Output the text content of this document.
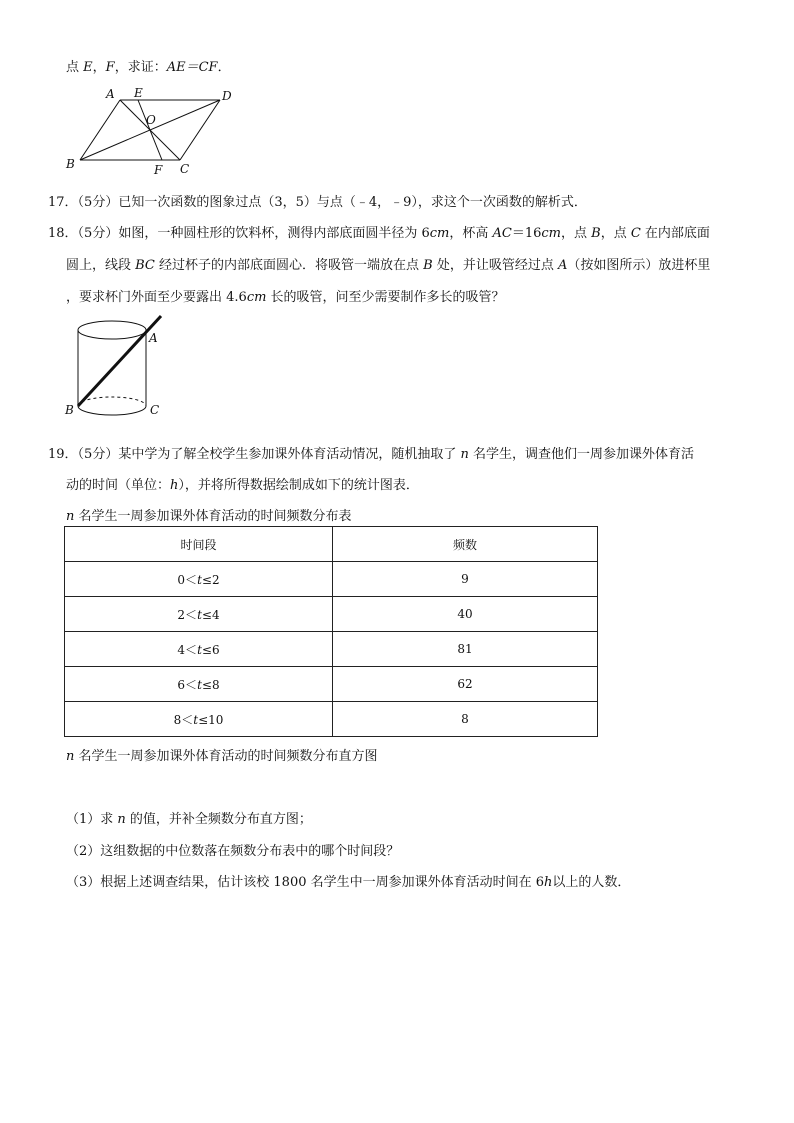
点 E，F，求证：AE＝CF．
A E	D
O
B	F C
17．（5分）已知一次函数的图象过点（3，5）与点（﹣4，﹣9），求这个一次函数的解析式．
18．（5分）如图，一种圆柱形的饮料杯，测得内部底面圆半径为 6cm，杯高 AC＝16cm，点 B，点 C 在内部底面
圆上，线段 BC 经过杯子的内部底面圆心．将吸管一端放在点 B 处，并让吸管经过点 A（按如图所示）放进杯里
，要求杯门外面至少要露出 4.6cm 长的吸管，问至少需要制作多长的吸管？
A
B	C
19．（5分）某中学为了解全校学生参加课外体育活动情况，随机抽取了 n 名学生，调查他们一周参加课外体育活
动的时间（单位：h），并将所得数据绘制成如下的统计图表．
n 名学生一周参加课外体育活动的时间频数分布表
时间段	频数
0＜t≤2	9
2＜t≤4	40
4＜t≤6	81
6＜t≤8	62
8＜t≤10	8
n 名学生一周参加课外体育活动的时间频数分布直方图
（1）求 n 的值，并补全频数分布直方图；
（2）这组数据的中位数落在频数分布表中的哪个时间段？
（3）根据上述调查结果，估计该校 1800 名学生中一周参加课外体育活动时间在 6h以上的人数．
